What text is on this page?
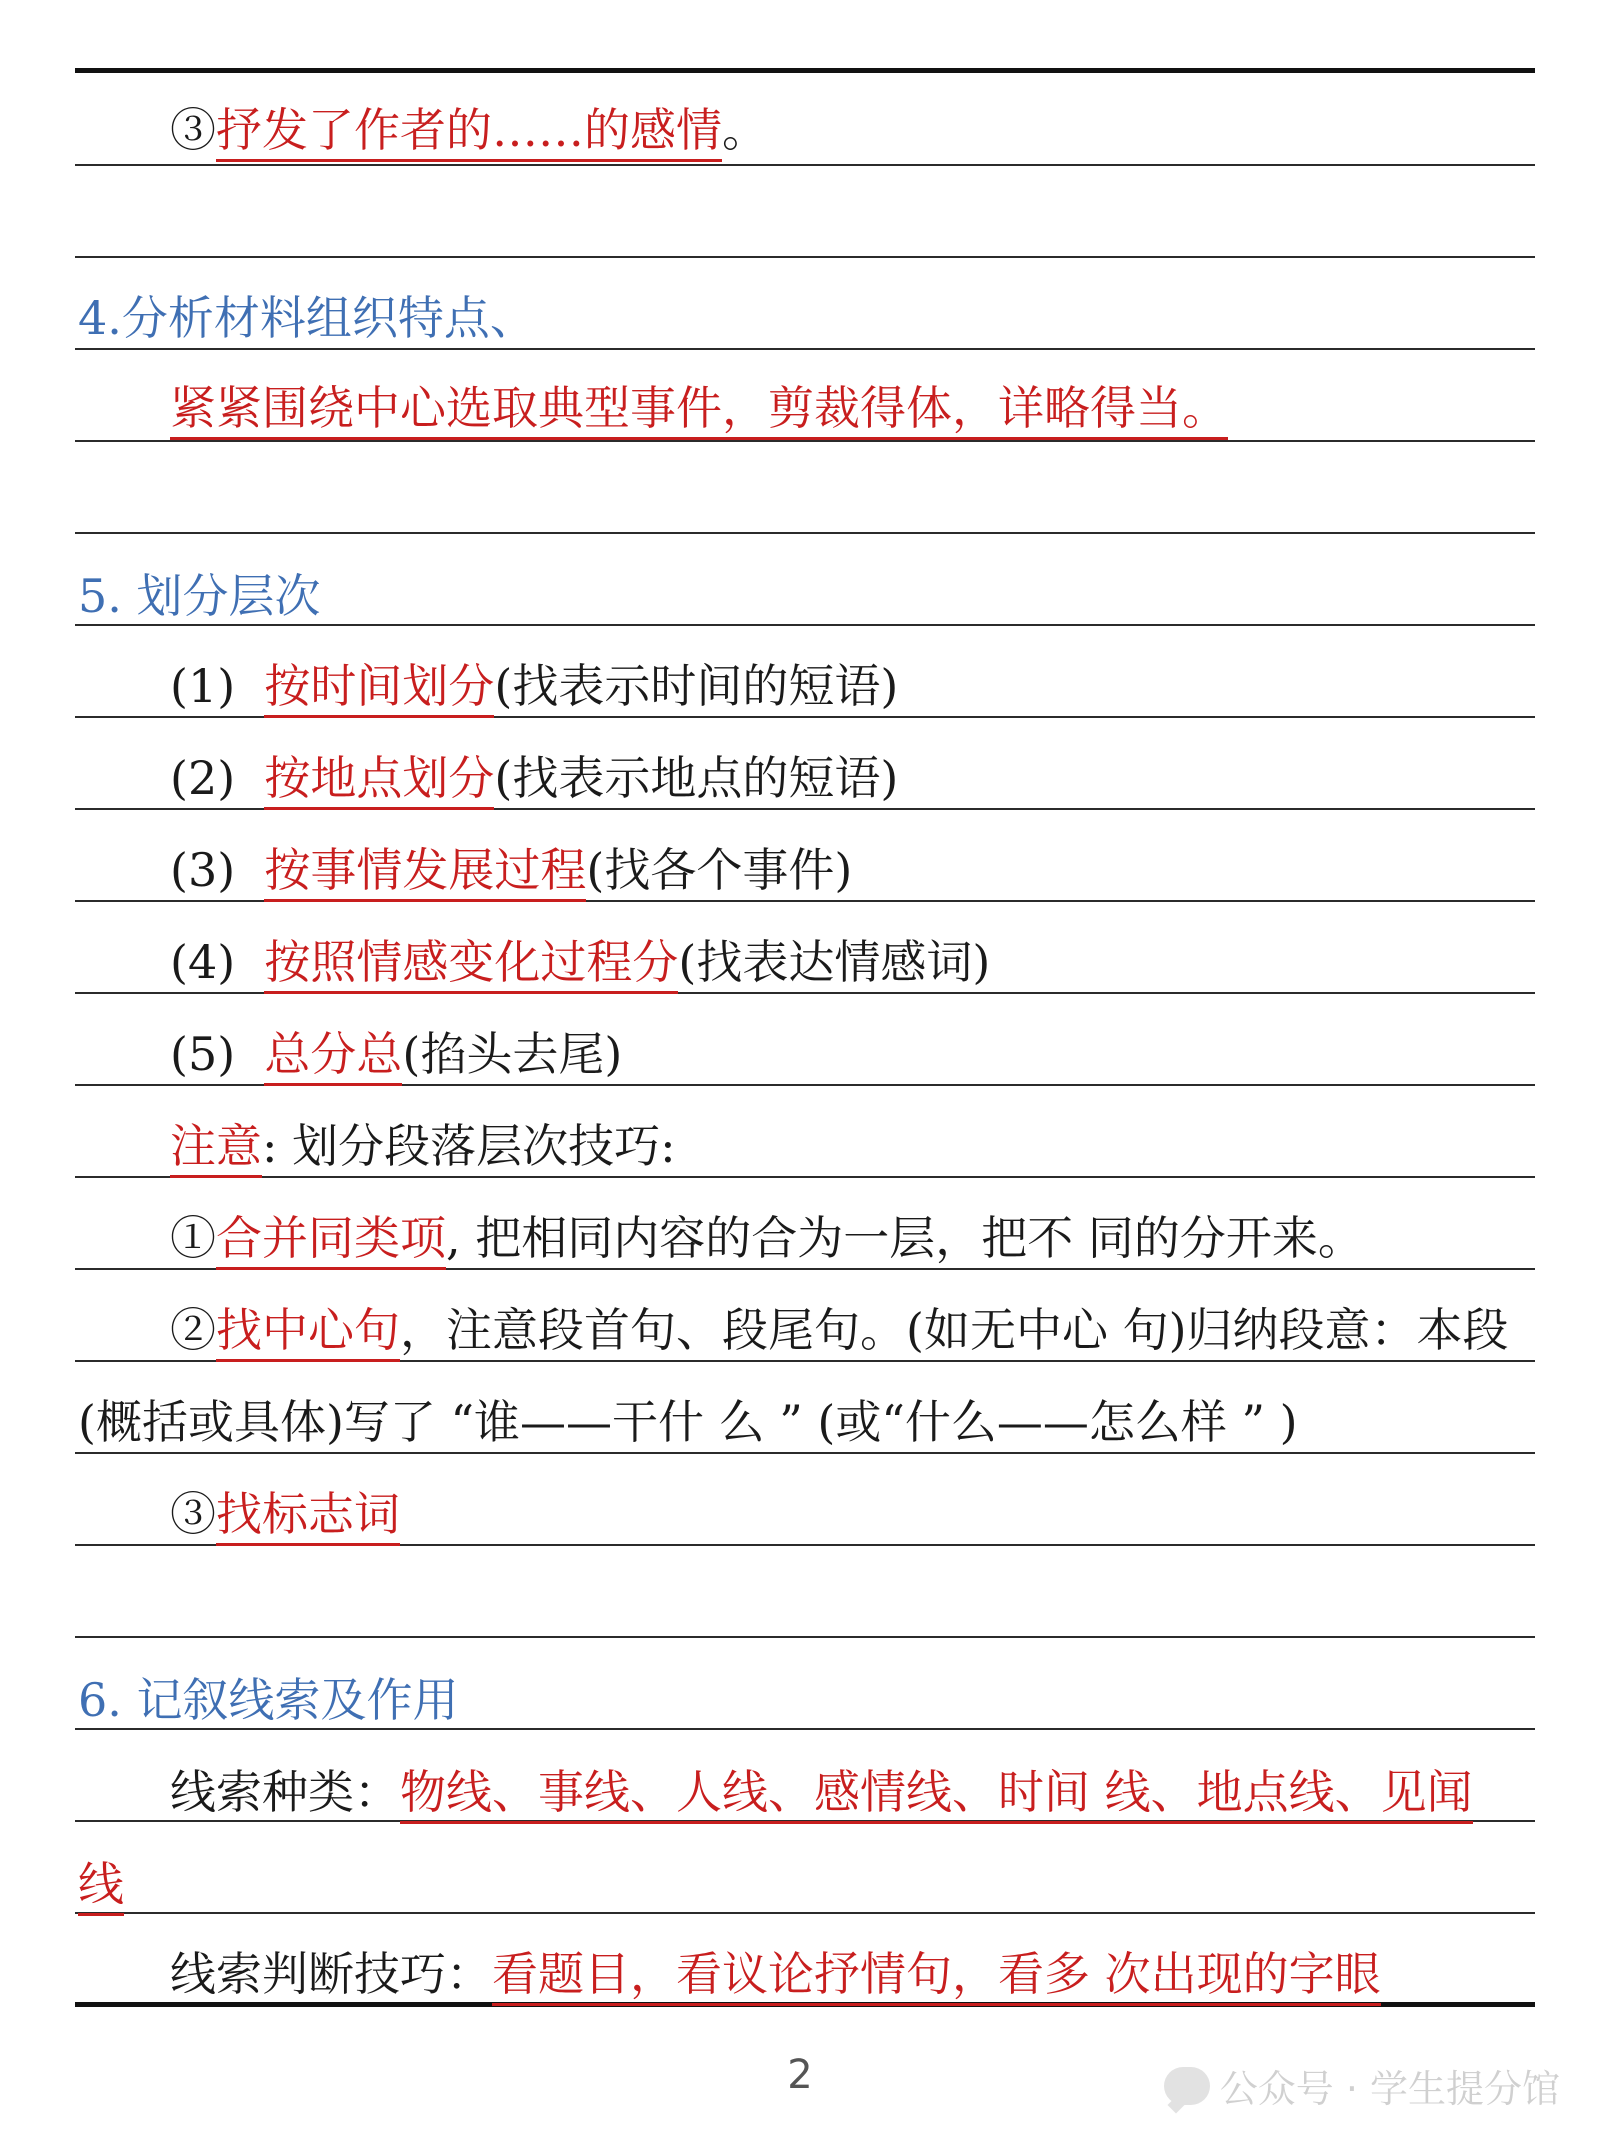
③抒发了作者的……的感情。
4.分析材料组织特点、
紧紧围绕中心选取典型事件，剪裁得体，详略得当。
5. 划分层次
(1) 按时间划分(找表示时间的短语)
(2) 按地点划分(找表示地点的短语)
(3) 按事情发展过程(找各个事件)
(4) 按照情感变化过程分(找表达情感词)
(5) 总分总(掐头去尾)
注意: 划分段落层次技巧:
①合并同类项, 把相同内容的合为一层，把不 同的分开来。
②找中心句，注意段首句、段尾句。(如无中心 句)归纳段意：本段
(概括或具体)写了 “谁——干什 么 ” (或“什么——怎么样 ” )
③找标志词
6. 记叙线索及作用
线索种类：物线、事线、人线、感情线、时间 线、地点线、见闻
线
线索判断技巧：看题目，看议论抒情句，看多 次出现的字眼
2	公众号 · 学生提分馆
